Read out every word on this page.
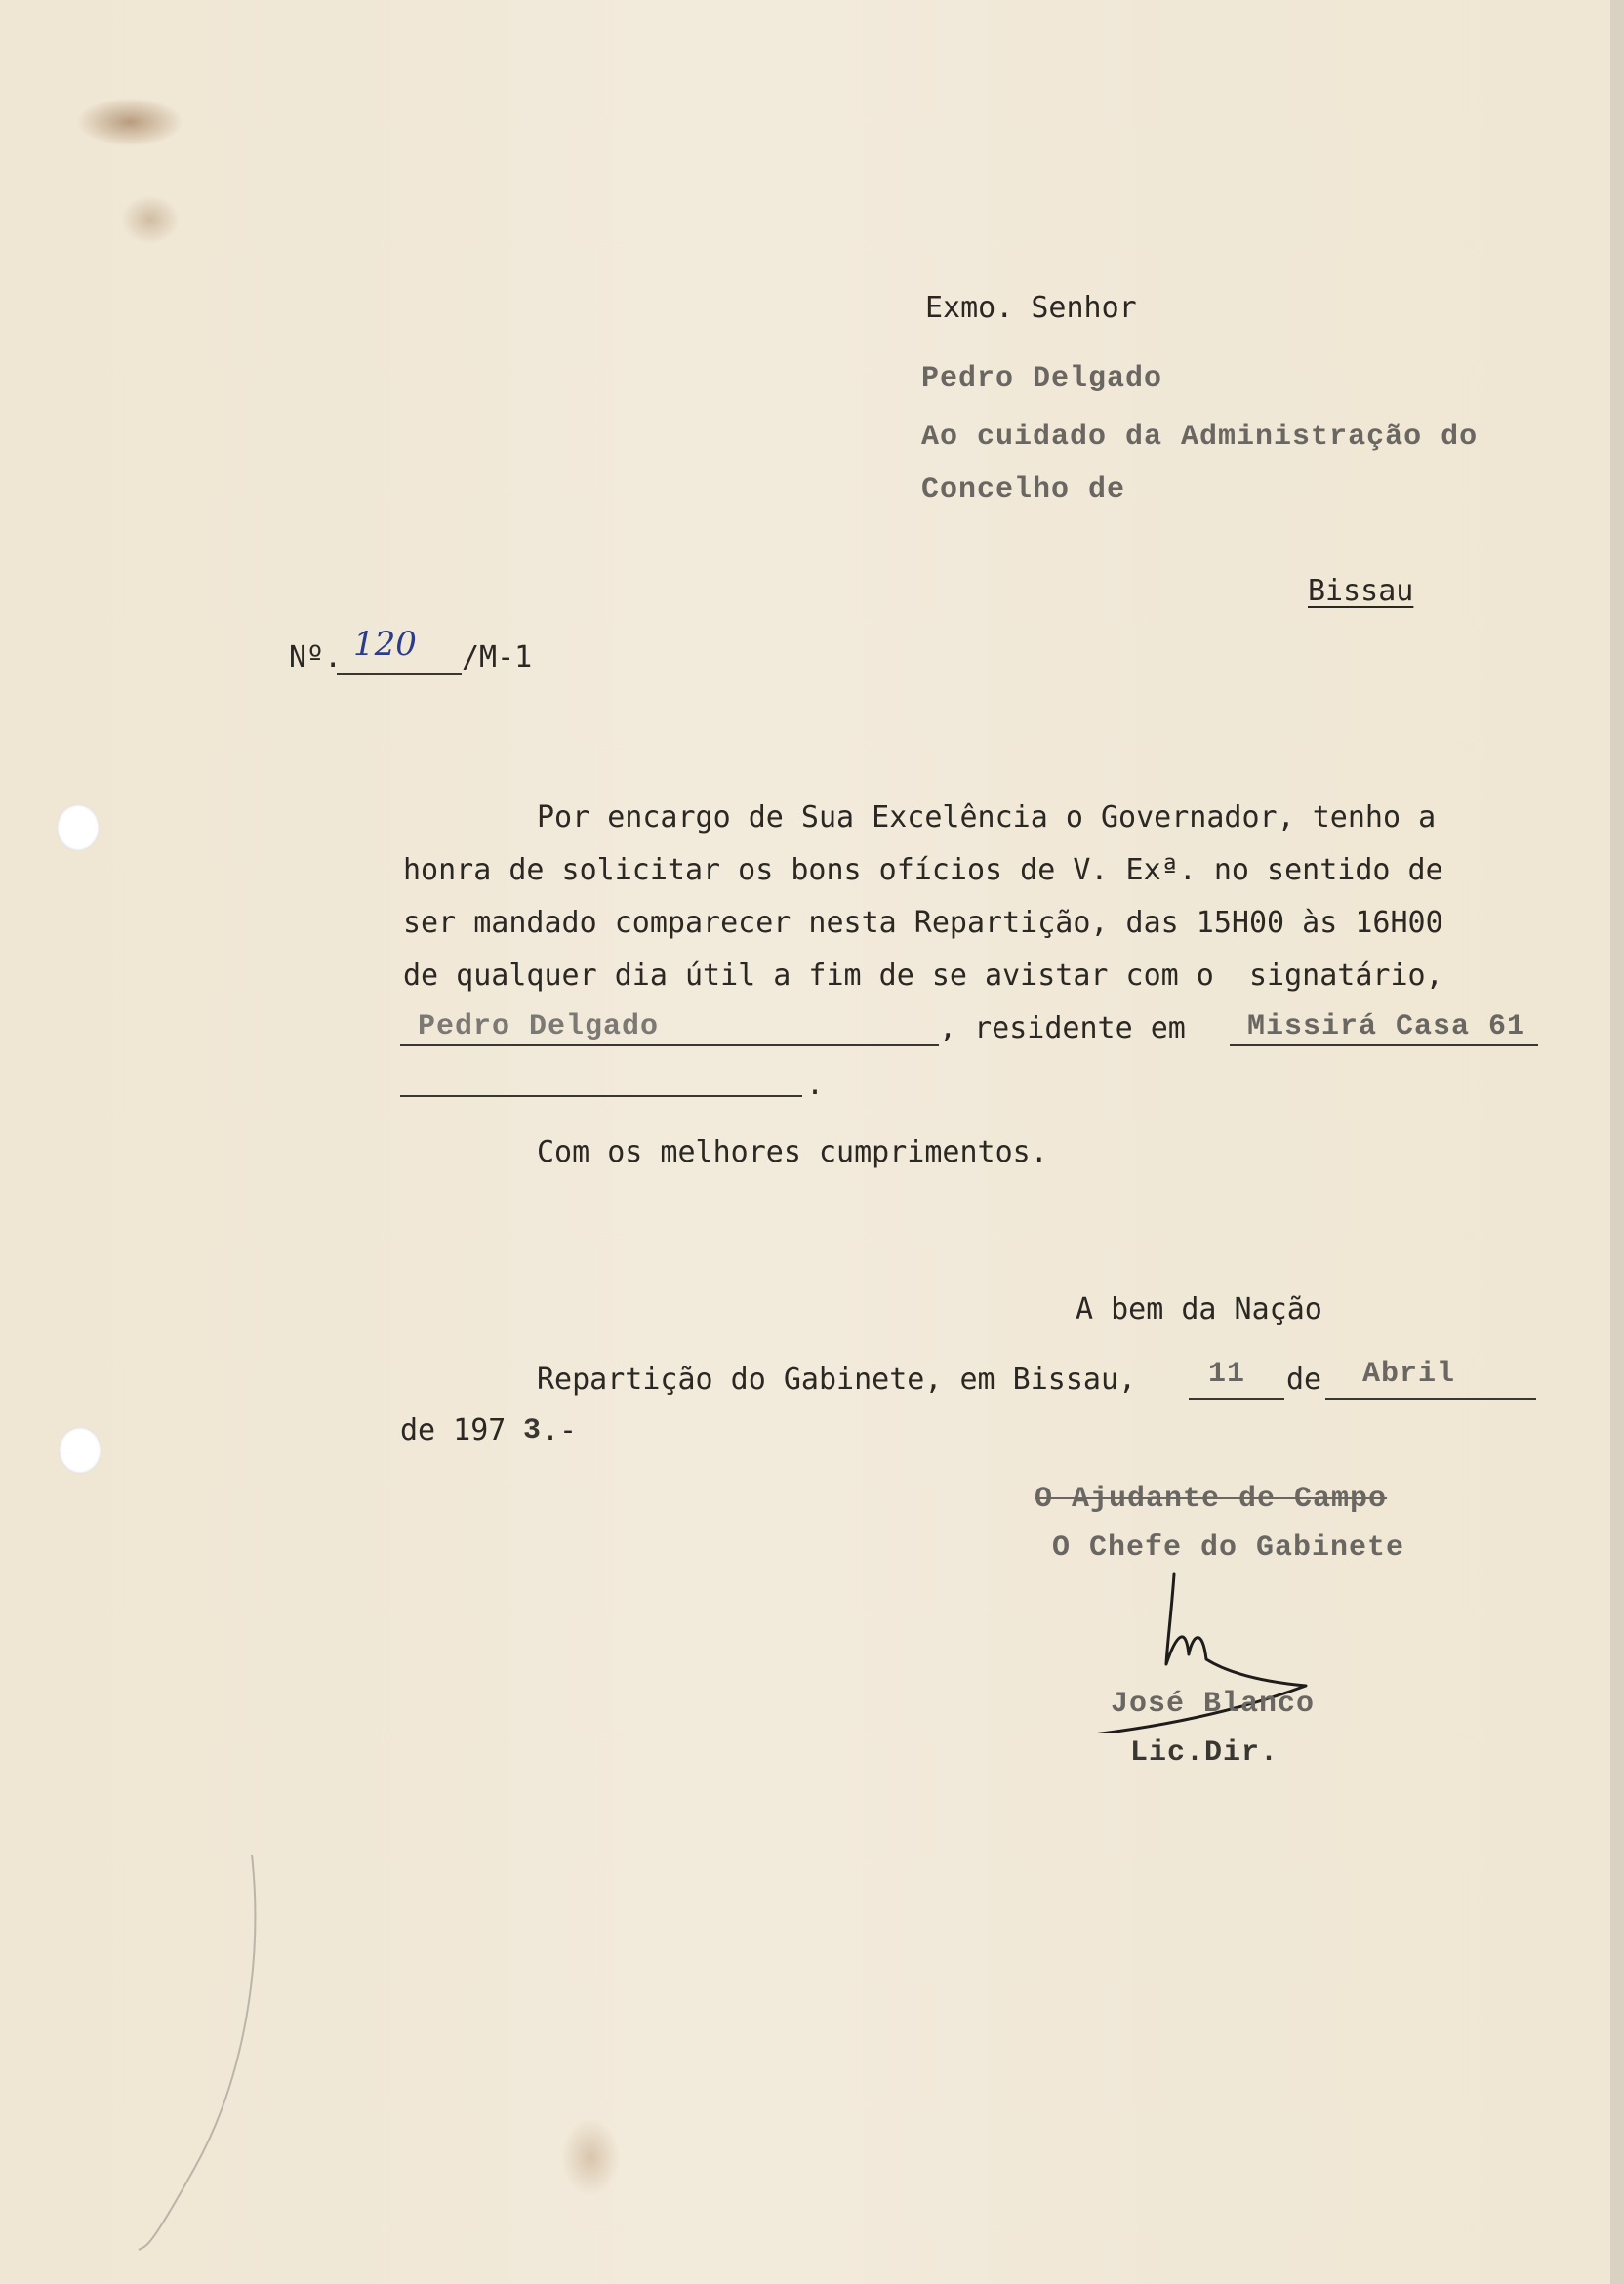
Exmo. Senhor
Pedro Delgado
Ao cuidado da Administração do
Concelho de
Bissau
Nº. 120 /M-1
Por encargo de Sua Excelência o Governador, tenho a
honra de solicitar os bons ofícios de V. Exª. no sentido de
ser mandado comparecer nesta Repartição, das 15H00 às 16H00
de qualquer dia útil a fim de se avistar com o  signatário,
Pedro Delgado	, residente em Missirá Casa 61
.
Com os melhores cumprimentos.
A bem da Nação
Repartição do Gabinete, em Bissau, 11 de Abril
de 197 3 .-
O Ajudante de Campo
O Chefe do Gabinete
José Blanco
Lic.Dir.
